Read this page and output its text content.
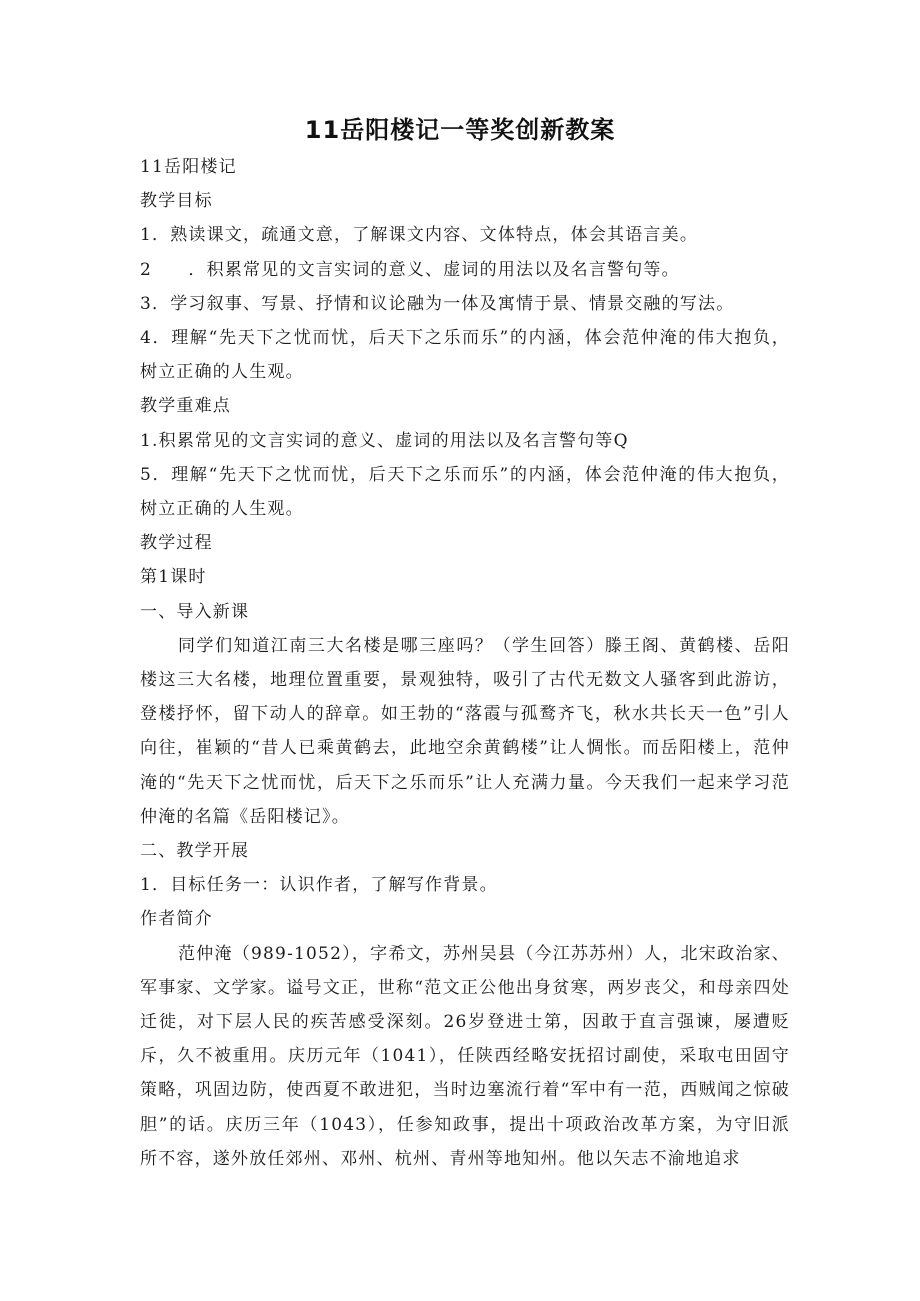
11岳阳楼记一等奖创新教案

11岳阳楼记

教学目标

1．熟读课文，疏通文意，了解课文内容、文体特点，体会其语言美。

2　　．积累常见的文言实词的意义、虚词的用法以及名言警句等。

3．学习叙事、写景、抒情和议论融为一体及寓情于景、情景交融的写法。

4．理解“先天下之忧而忧，后天下之乐而乐”的内涵，体会范仲淹的伟大抱负，树立正确的人生观。

教学重难点

1.积累常见的文言实词的意义、虚词的用法以及名言警句等Q

5．理解“先天下之忧而忧，后天下之乐而乐”的内涵，体会范仲淹的伟大抱负，树立正确的人生观。

教学过程

第1课时

一、导入新课

同学们知道江南三大名楼是哪三座吗？（学生回答）滕王阁、黄鹤楼、岳阳楼这三大名楼，地理位置重要，景观独特，吸引了古代无数文人骚客到此游访，登楼抒怀，留下动人的辞章。如王勃的“落霞与孤鹜齐飞，秋水共长天一色”引人向往，崔颖的“昔人已乘黄鹤去，此地空余黄鹤楼”让人惆怅。而岳阳楼上，范仲淹的“先天下之忧而忧，后天下之乐而乐”让人充满力量。今天我们一起来学习范仲淹的名篇《岳阳楼记》。

二、教学开展

1．目标任务一：认识作者，了解写作背景。

作者简介

范仲淹（989-1052），字希文，苏州吴县（今江苏苏州）人，北宋政治家、军事家、文学家。谥号文正，世称“范文正公他出身贫寒，两岁丧父，和母亲四处迁徙，对下层人民的疾苦感受深刻。26岁登进士第，因敢于直言强谏，屡遭贬斥，久不被重用。庆历元年（1041），任陕西经略安抚招讨副使，采取屯田固守策略，巩固边防，使西夏不敢进犯，当时边塞流行着“军中有一范，西贼闻之惊破胆”的话。庆历三年（1043），任参知政事，提出十项政治改革方案，为守旧派所不容，遂外放任郊州、邓州、杭州、青州等地知州。他以矢志不渝地追求
